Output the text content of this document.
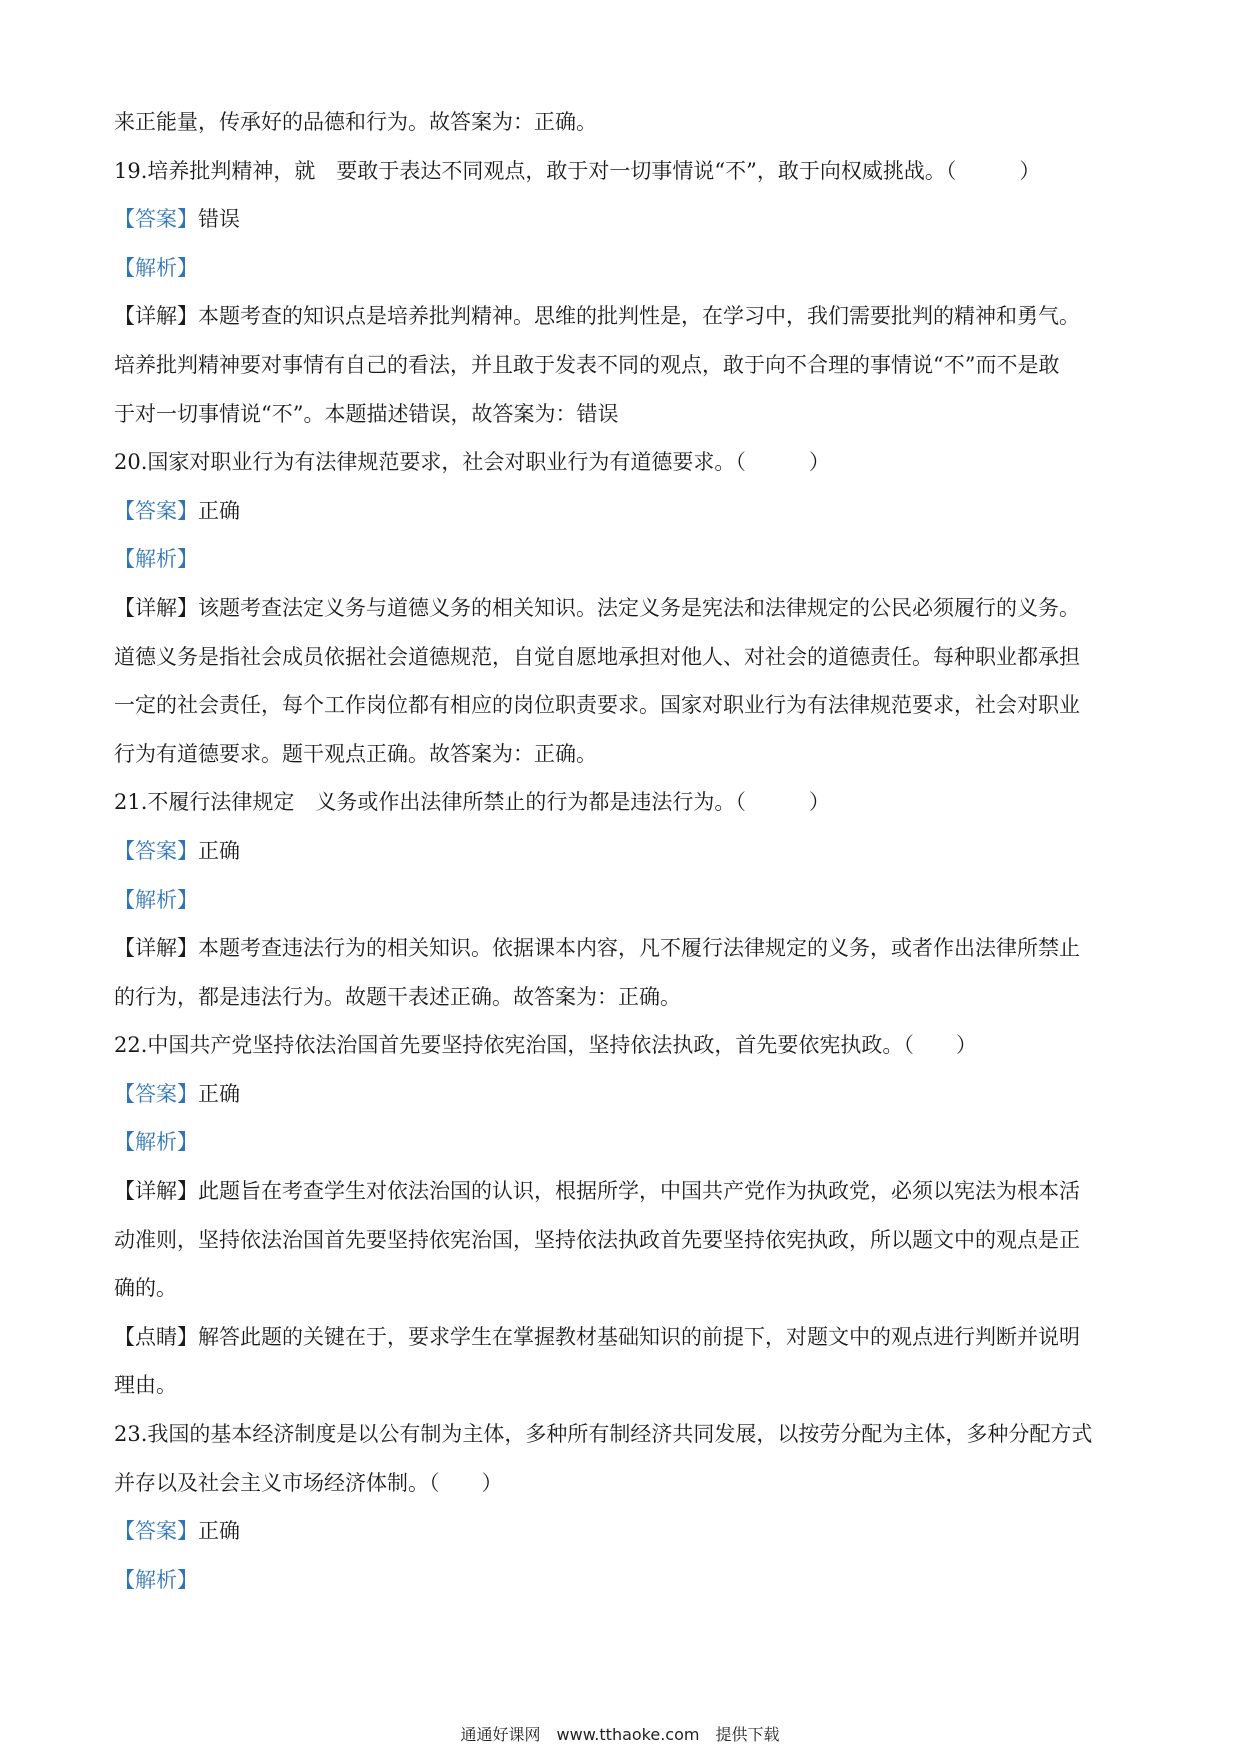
来正能量，传承好的品德和行为。故答案为：正确。
19.培养批判精神，就　要敢于表达不同观点，敢于对一切事情说“不”，敢于向权威挑战。（　　　）
【答案】错误
【解析】
【详解】本题考查的知识点是培养批判精神。思维的批判性是，在学习中，我们需要批判的精神和勇气。
培养批判精神要对事情有自己的看法，并且敢于发表不同的观点，敢于向不合理的事情说“不”而不是敢
于对一切事情说“不”。本题描述错误，故答案为：错误
20.国家对职业行为有法律规范要求，社会对职业行为有道德要求。（　　　）
【答案】正确
【解析】
【详解】该题考查法定义务与道德义务的相关知识。法定义务是宪法和法律规定的公民必须履行的义务。
道德义务是指社会成员依据社会道德规范，自觉自愿地承担对他人、对社会的道德责任。每种职业都承担
一定的社会责任，每个工作岗位都有相应的岗位职责要求。国家对职业行为有法律规范要求，社会对职业
行为有道德要求。题干观点正确。故答案为：正确。
21.不履行法律规定　义务或作出法律所禁止的行为都是违法行为。（　　　）
【答案】正确
【解析】
【详解】本题考查违法行为的相关知识。依据课本内容，凡不履行法律规定的义务，或者作出法律所禁止
的行为，都是违法行为。故题干表述正确。故答案为：正确。
22.中国共产党坚持依法治国首先要坚持依宪治国，坚持依法执政，首先要依宪执政。（　　）
【答案】正确
【解析】
【详解】此题旨在考查学生对依法治国的认识，根据所学，中国共产党作为执政党，必须以宪法为根本活
动准则，坚持依法治国首先要坚持依宪治国，坚持依法执政首先要坚持依宪执政，所以题文中的观点是正
确的。
【点睛】解答此题的关键在于，要求学生在掌握教材基础知识的前提下，对题文中的观点进行判断并说明
理由。
23.我国的基本经济制度是以公有制为主体，多种所有制经济共同发展，以按劳分配为主体，多种分配方式
并存以及社会主义市场经济体制。（　　）
【答案】正确
【解析】
通通好课网　www.tthaoke.com　提供下载
